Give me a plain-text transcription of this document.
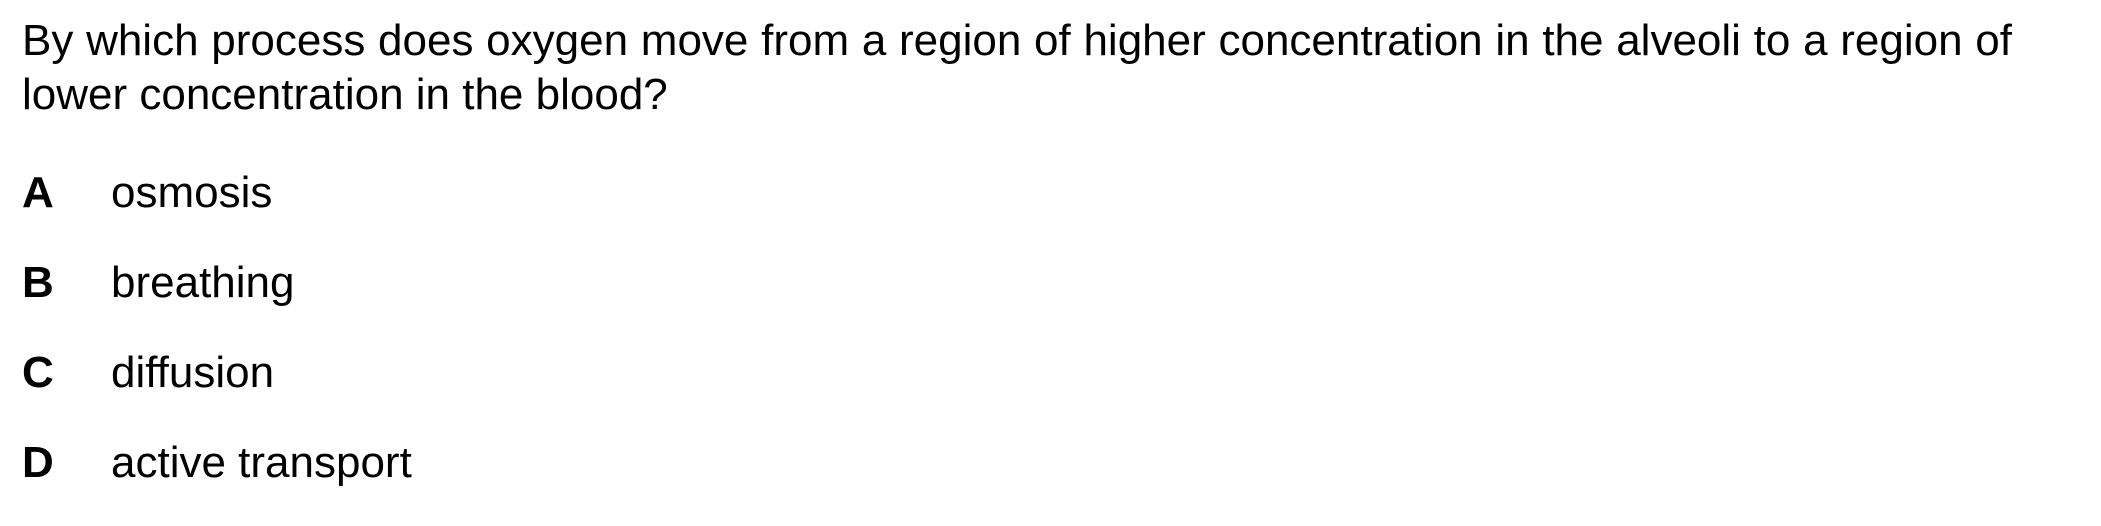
By which process does oxygen move from a region of higher concentration in the alveoli to a region of lower concentration in the blood?

A	osmosis
B	breathing
C	diffusion
D	active transport
